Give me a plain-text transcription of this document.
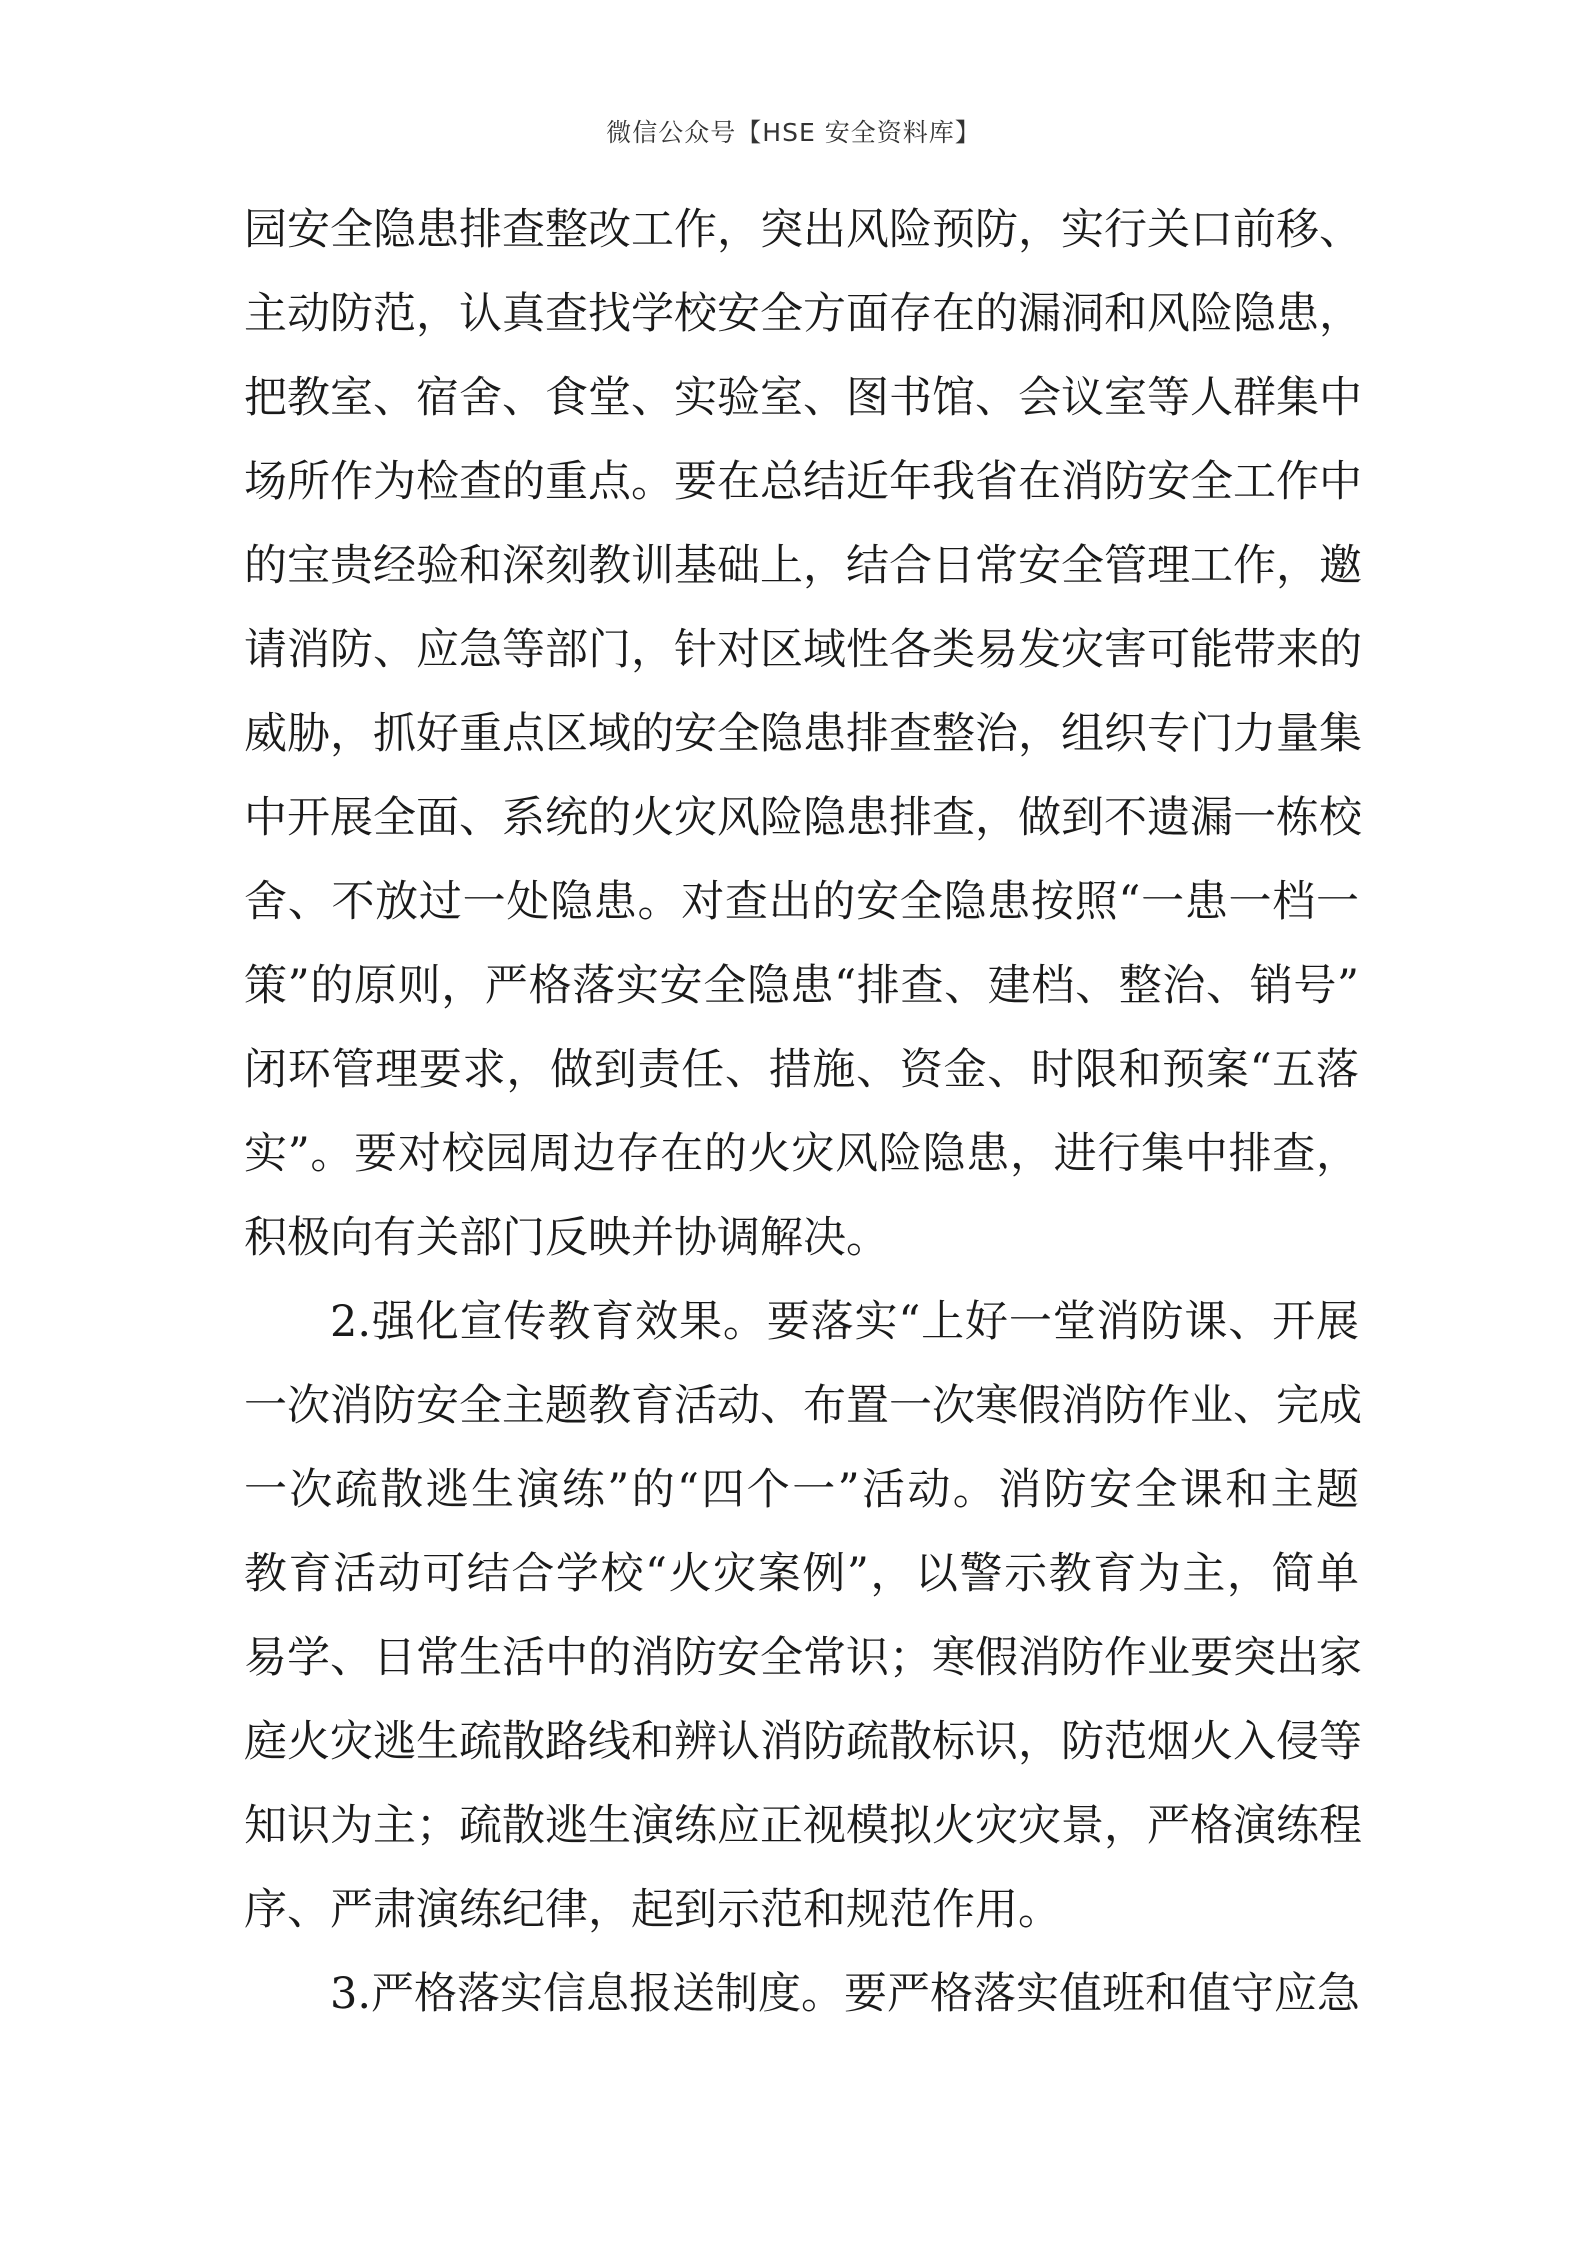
微信公众号【HSE 安全资料库】
园安全隐患排查整改工作，突出风险预防，实行关口前移、
主动防范，认真查找学校安全方面存在的漏洞和风险隐患，
把教室、宿舍、食堂、实验室、图书馆、会议室等人群集中
场所作为检查的重点。要在总结近年我省在消防安全工作中
的宝贵经验和深刻教训基础上，结合日常安全管理工作，邀
请消防、应急等部门，针对区域性各类易发灾害可能带来的
威胁，抓好重点区域的安全隐患排查整治，组织专门力量集
中开展全面、系统的火灾风险隐患排查，做到不遗漏一栋校
舍、不放过一处隐患。对查出的安全隐患按照“一患一档一
策”的原则，严格落实安全隐患“排查、建档、整治、销号”
闭环管理要求，做到责任、措施、资金、时限和预案“五落
实”。要对校园周边存在的火灾风险隐患，进行集中排查，
积极向有关部门反映并协调解决。
2.强化宣传教育效果。要落实“上好一堂消防课、开展
一次消防安全主题教育活动、布置一次寒假消防作业、完成
一次疏散逃生演练”的“四个一”活动。消防安全课和主题
教育活动可结合学校“火灾案例”，以警示教育为主，简单
易学、日常生活中的消防安全常识；寒假消防作业要突出家
庭火灾逃生疏散路线和辨认消防疏散标识，防范烟火入侵等
知识为主；疏散逃生演练应正视模拟火灾灾景，严格演练程
序、严肃演练纪律，起到示范和规范作用。
3.严格落实信息报送制度。要严格落实值班和值守应急
